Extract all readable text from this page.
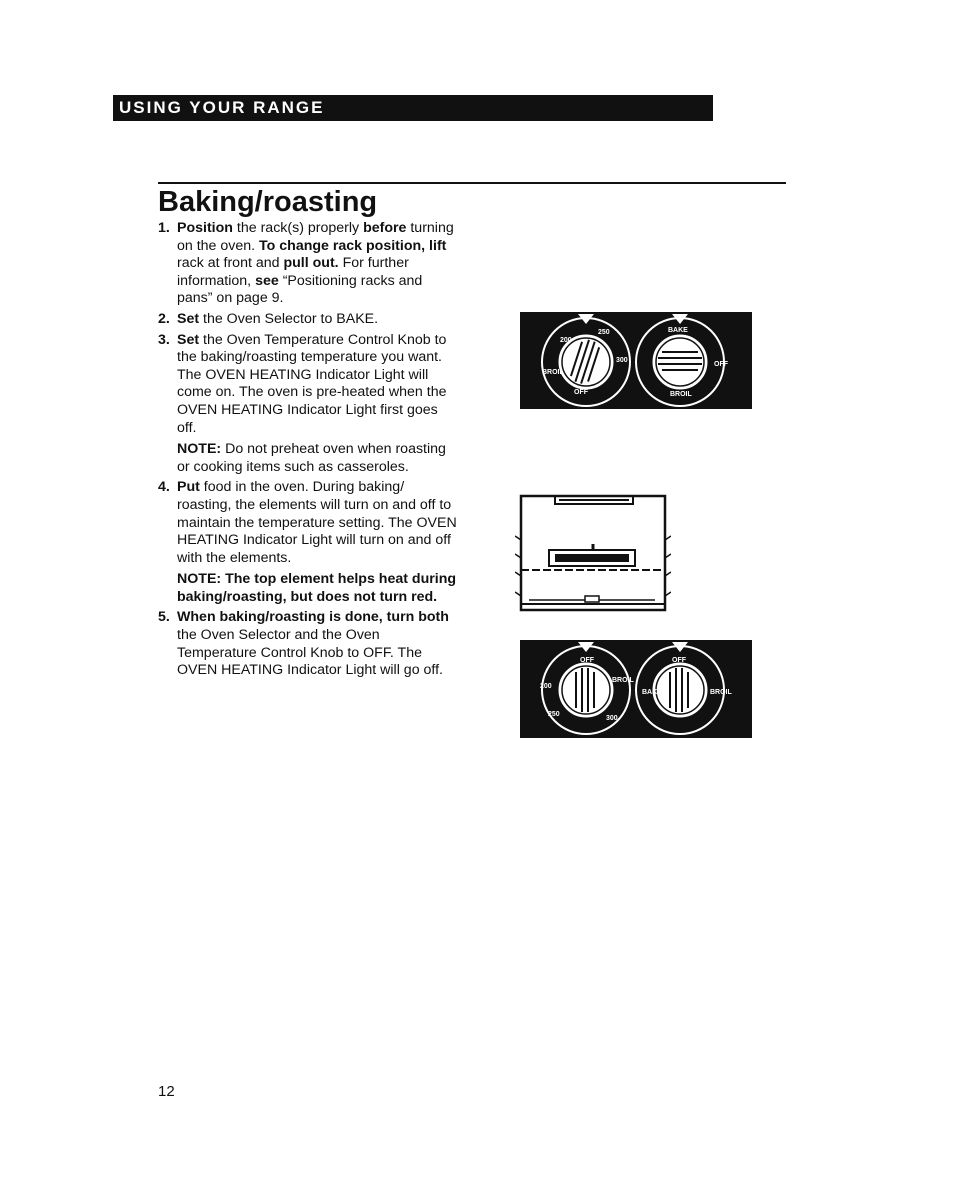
USING YOUR RANGE
Baking/roasting
1. Position the rack(s) properly before turning on the oven. To change rack position, lift rack at front and pull out. For further information, see “Positioning racks and pans” on page 9.
2. Set the Oven Selector to BAKE.
3. Set the Oven Temperature Control Knob to the baking/roasting temperature you want. The OVEN HEATING Indicator Light will come on. The oven is pre-heated when the OVEN HEATING Indicator Light first goes off.
NOTE: Do not preheat oven when roasting or cooking items such as casseroles.
4. Put food in the oven. During baking/ roasting, the elements will turn on and off to maintain the temperature setting. The OVEN HEATING Indicator Light will turn on and off with the elements.
NOTE: The top element helps heat during baking/roasting, but does not turn red.
5. When baking/roasting is done, turn both the Oven Selector and the Oven Temperature Control Knob to OFF. The OVEN HEATING Indicator Light will go off.
200
250
300
BROIL
OFF
BAKE
OFF
BROIL
OFF
BROIL
200
250
300
OFF
BAKE	BROIL
12
